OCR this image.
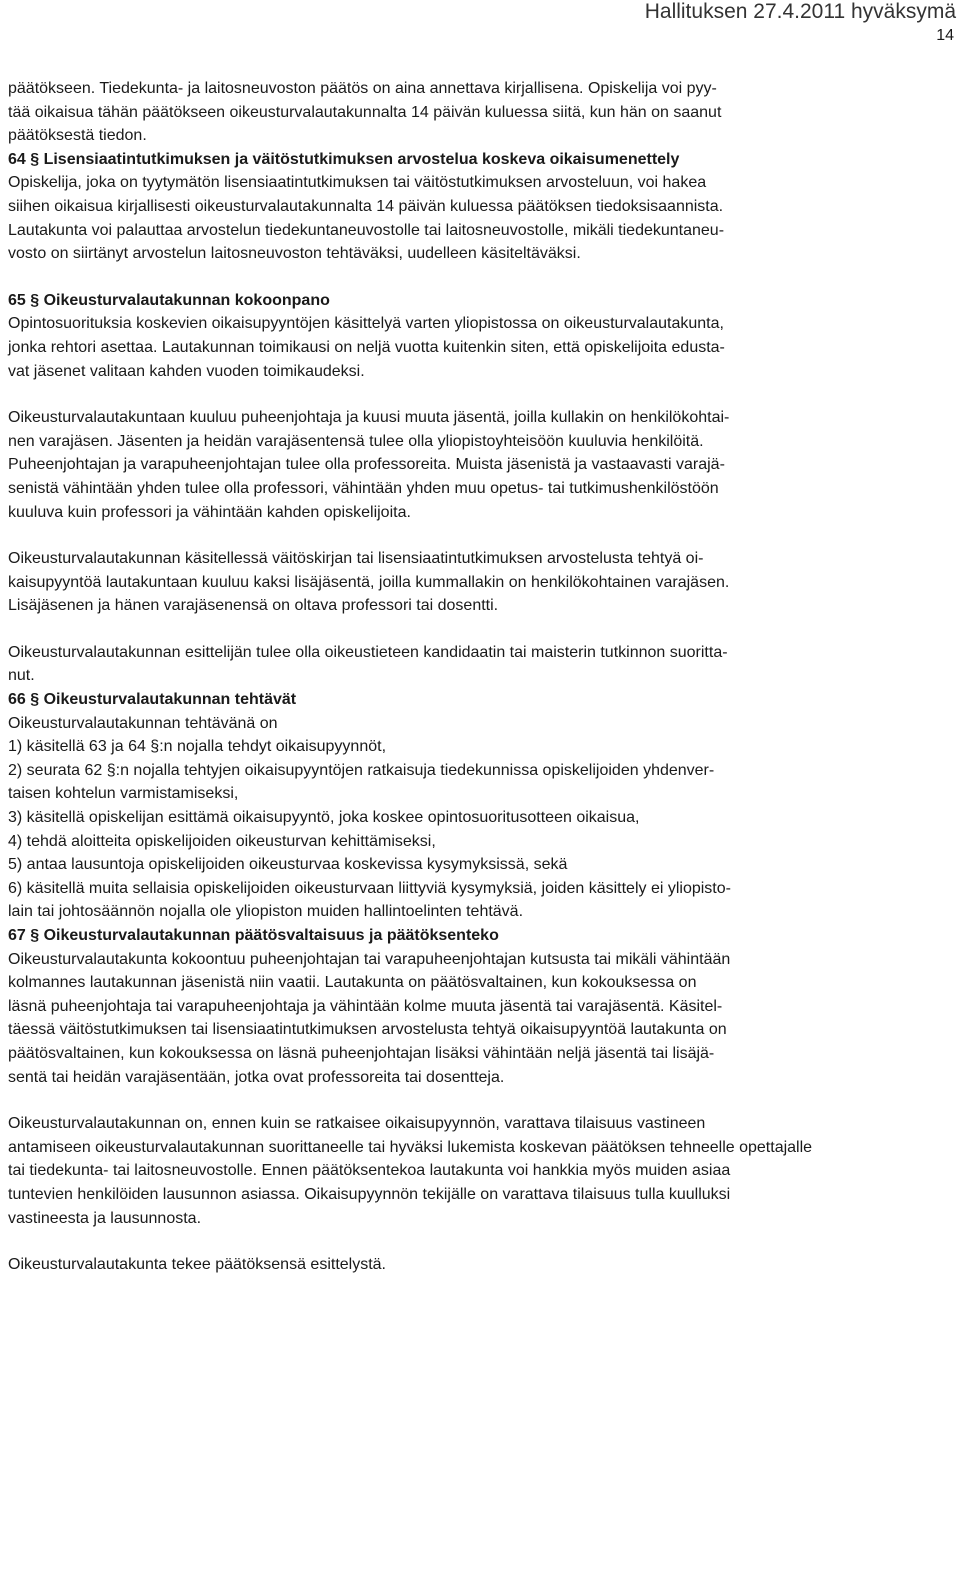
Hallituksen 27.4.2011 hyväksymä
14

päätökseen. Tiedekunta- ja laitosneuvoston päätös on aina annettava kirjallisena. Opiskelija voi pyy-
tää oikaisua tähän päätökseen oikeusturvalautakunnalta 14 päivän kuluessa siitä, kun hän on saanut
päätöksestä tiedon.

64 § Lisensiaatintutkimuksen ja väitöstutkimuksen arvostelua koskeva oikaisumenettely

Opiskelija, joka on tyytymätön lisensiaatintutkimuksen tai väitöstutkimuksen arvosteluun, voi hakea
siihen oikaisua kirjallisesti oikeusturvalautakunnalta 14 päivän kuluessa päätöksen tiedoksisaannista.
Lautakunta voi palauttaa arvostelun tiedekuntaneuvostolle tai laitosneuvostolle, mikäli tiedekuntaneu-
vosto on siirtänyt arvostelun laitosneuvoston tehtäväksi, uudelleen käsiteltäväksi.

65 § Oikeusturvalautakunnan kokoonpano

Opintosuorituksia koskevien oikaisupyyntöjen käsittelyä varten yliopistossa on oikeusturvalautakunta,
jonka rehtori asettaa. Lautakunnan toimikausi on neljä vuotta kuitenkin siten, että opiskelijoita edusta-
vat jäsenet valitaan kahden vuoden toimikaudeksi.

Oikeusturvalautakuntaan kuuluu puheenjohtaja ja kuusi muuta jäsentä, joilla kullakin on henkilökohtai-
nen varajäsen. Jäsenten ja heidän varajäsentensä tulee olla yliopistoyhteisöön kuuluvia henkilöitä.
Puheenjohtajan ja varapuheenjohtajan tulee olla professoreita. Muista jäsenistä ja vastaavasti varajä-
senistä vähintään yhden tulee olla professori, vähintään yhden muu opetus- tai tutkimushenkilöstöön
kuuluva kuin professori ja vähintään kahden opiskelijoita.

Oikeusturvalautakunnan käsitellessä väitöskirjan tai lisensiaatintutkimuksen arvostelusta tehtyä oi-
kaisupyyntöä lautakuntaan kuuluu kaksi lisäjäsentä, joilla kummallakin on henkilökohtainen varajäsen.
Lisäjäsenen ja hänen varajäsenensä on oltava professori tai dosentti.

Oikeusturvalautakunnan esittelijän tulee olla oikeustieteen kandidaatin tai maisterin tutkinnon suoritta-
nut.

66 § Oikeusturvalautakunnan tehtävät

Oikeusturvalautakunnan tehtävänä on

1) käsitellä 63 ja 64 §:n nojalla tehdyt oikaisupyynnöt,
2) seurata 62 §:n nojalla tehtyjen oikaisupyyntöjen ratkaisuja tiedekunnissa opiskelijoiden yhdenver-
taisen kohtelun varmistamiseksi,
3) käsitellä opiskelijan esittämä oikaisupyyntö, joka koskee opintosuoritusotteen oikaisua,
4) tehdä aloitteita opiskelijoiden oikeusturvan kehittämiseksi,
5) antaa lausuntoja opiskelijoiden oikeusturvaa koskevissa kysymyksissä, sekä
6) käsitellä muita sellaisia opiskelijoiden oikeusturvaan liittyviä kysymyksiä, joiden käsittely ei yliopisto-
lain tai johtosäännön nojalla ole yliopiston muiden hallintoelinten tehtävä.

67 § Oikeusturvalautakunnan päätösvaltaisuus ja päätöksenteko

Oikeusturvalautakunta kokoontuu puheenjohtajan tai varapuheenjohtajan kutsusta tai mikäli vähintään
kolmannes lautakunnan jäsenistä niin vaatii. Lautakunta on päätösvaltainen, kun kokouksessa on
läsnä puheenjohtaja tai varapuheenjohtaja ja vähintään kolme muuta jäsentä tai varajäsentä. Käsitel-
täessä väitöstutkimuksen tai lisensiaatintutkimuksen arvostelusta tehtyä oikaisupyyntöä lautakunta on
päätösvaltainen, kun kokouksessa on läsnä puheenjohtajan lisäksi vähintään neljä jäsentä tai lisäjä-
sentä tai heidän varajäsentään, jotka ovat professoreita tai dosentteja.

Oikeusturvalautakunnan on, ennen kuin se ratkaisee oikaisupyynnön, varattava tilaisuus vastineen
antamiseen oikeusturvalautakunnan suorittaneelle tai hyväksi lukemista koskevan päätöksen tehneelle opettajalle
tai tiedekunta- tai laitosneuvostolle. Ennen päätöksentekoa lautakunta voi hankkia myös muiden asiaa
tuntevien henkilöiden lausunnon asiassa. Oikaisupyynnön tekijälle on varattava tilaisuus tulla kuulluksi
vastineesta ja lausunnosta.

Oikeusturvalautakunta tekee päätöksensä esittelystä.
